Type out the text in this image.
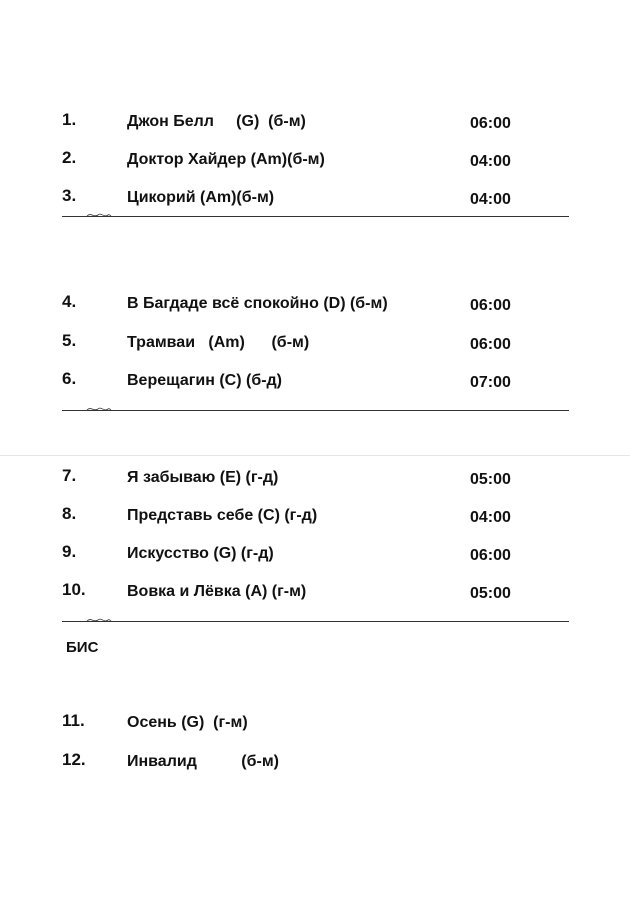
1.	Джон Белл     (G)  (б-м)	06:00
2.	Доктор Хайдер (Am)(б-м)	04:00
3.	Цикорий (Am)(б-м)	04:00
4.	В Багдаде всё спокойно (D) (б-м)	06:00
5.	Трамваи   (Am)      (б-м)	06:00
6.	Верещагин (C) (б-д)	07:00
7.	Я забываю (E) (г-д)	05:00
8.	Представь себе (C) (г-д)	04:00
9.	Искусство (G) (г-д)	06:00
10.	Вовка и Лёвка (A) (г-м)	05:00
БИС
11.	Осень (G)  (г-м)
12.	Инвалид          (б-м)
